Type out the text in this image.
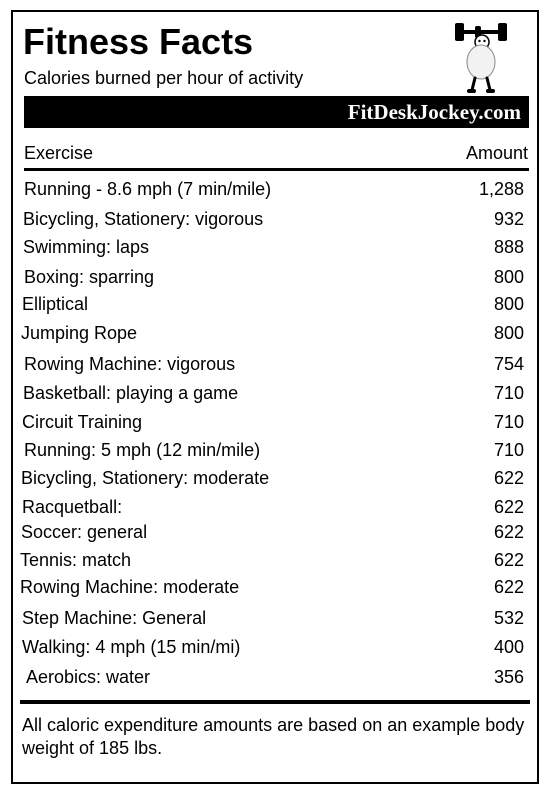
Fitness Facts
Calories burned per hour of activity
FitDeskJockey.com
Exercise	Amount
Running - 8.6 mph (7 min/mile)	1,288
Bicycling, Stationery: vigorous	932
Swimming: laps	888
Boxing: sparring	800
Elliptical	800
Jumping Rope	800
Rowing Machine: vigorous	754
Basketball: playing a game	710
Circuit Training	710
Running: 5 mph (12 min/mile)	710
Bicycling, Stationery: moderate	622
Racquetball:	622
Soccer: general	622
Tennis: match	622
Rowing Machine: moderate	622
Step Machine: General	532
Walking: 4 mph (15 min/mi)	400
Aerobics: water	356
All caloric expenditure amounts are based on an example body weight of 185 lbs.
